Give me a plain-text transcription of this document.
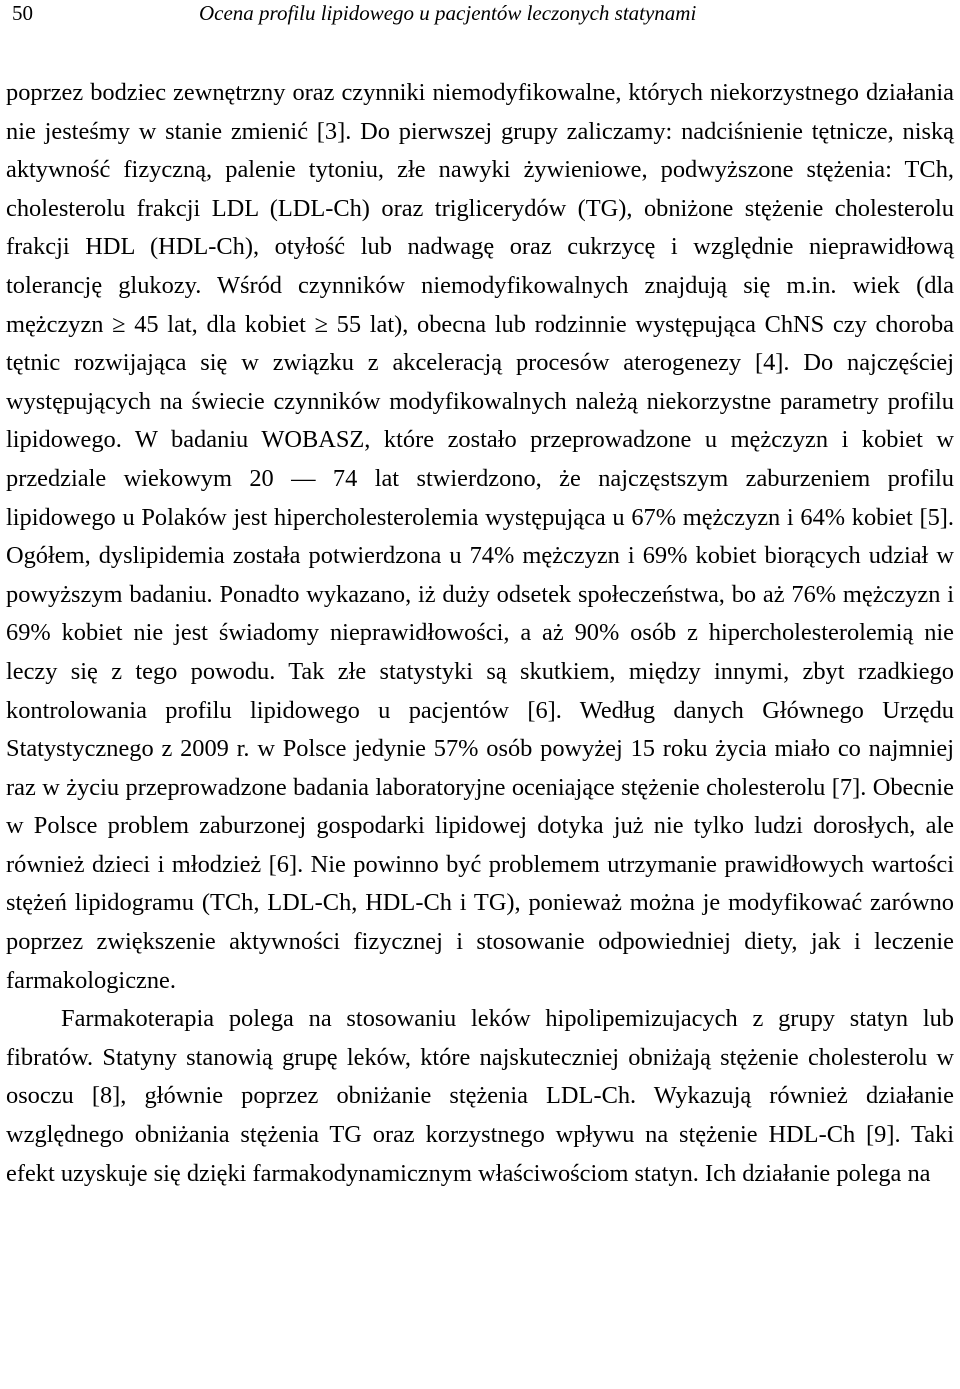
50	Ocena profilu lipidowego u pacjentów leczonych statynami

poprzez bodziec zewnętrzny oraz czynniki niemodyfikowalne, których niekorzystnego działania nie jesteśmy w stanie zmienić [3]. Do pierwszej grupy zaliczamy: nadciśnienie tętnicze, niską aktywność fizyczną, palenie tytoniu, złe nawyki żywieniowe, podwyższone stężenia: TCh, cholesterolu frakcji LDL (LDL-Ch) oraz triglicerydów (TG), obniżone stężenie cholesterolu frakcji HDL (HDL-Ch), otyłość lub nadwagę oraz cukrzycę i względnie nieprawidłową tolerancję glukozy. Wśród czynników niemodyfikowalnych znajdują się m.in. wiek (dla mężczyzn ≥ 45 lat, dla kobiet ≥ 55 lat), obecna lub rodzinnie występująca ChNS czy choroba tętnic rozwijająca się w związku z akceleracją procesów aterogenezy [4]. Do najczęściej występujących na świecie czynników modyfikowalnych należą niekorzystne parametry profilu lipidowego. W badaniu WOBASZ, które zostało przeprowadzone u mężczyzn i kobiet w przedziale wiekowym 20 — 74 lat stwierdzono, że najczęstszym zaburzeniem profilu lipidowego u Polaków jest hipercholesterolemia występująca u 67% mężczyzn i 64% kobiet [5]. Ogółem, dyslipidemia została potwierdzona u 74% mężczyzn i 69% kobiet biorących udział w powyższym badaniu. Ponadto wykazano, iż duży odsetek społeczeństwa, bo aż 76% mężczyzn i 69% kobiet nie jest świadomy nieprawidłowości, a aż 90% osób z hipercholesterolemią nie leczy się z tego powodu. Tak złe statystyki są skutkiem, między innymi, zbyt rzadkiego kontrolowania profilu lipidowego u pacjentów [6]. Według danych Głównego Urzędu Statystycznego z 2009 r. w Polsce jedynie 57% osób powyżej 15 roku życia miało co najmniej raz w życiu przeprowadzone badania laboratoryjne oceniające stężenie cholesterolu [7]. Obecnie w Polsce problem zaburzonej gospodarki lipidowej dotyka już nie tylko ludzi dorosłych, ale również dzieci i młodzież [6]. Nie powinno być problemem utrzymanie prawidłowych wartości stężeń lipidogramu (TCh, LDL-Ch, HDL-Ch i TG), ponieważ można je modyfikować zarówno poprzez zwiększenie aktywności fizycznej i stosowanie odpowiedniej diety, jak i leczenie farmakologiczne.

Farmakoterapia polega na stosowaniu leków hipolipemizujacych z grupy statyn lub fibratów. Statyny stanowią grupę leków, które najskuteczniej obniżają stężenie cholesterolu w osoczu [8], głównie poprzez obniżanie stężenia LDL-Ch. Wykazują również działanie względnego obniżania stężenia TG oraz korzystnego wpływu na stężenie HDL-Ch [9]. Taki efekt uzyskuje się dzięki farmakodynamicznym właściwościom statyn. Ich działanie polega na
